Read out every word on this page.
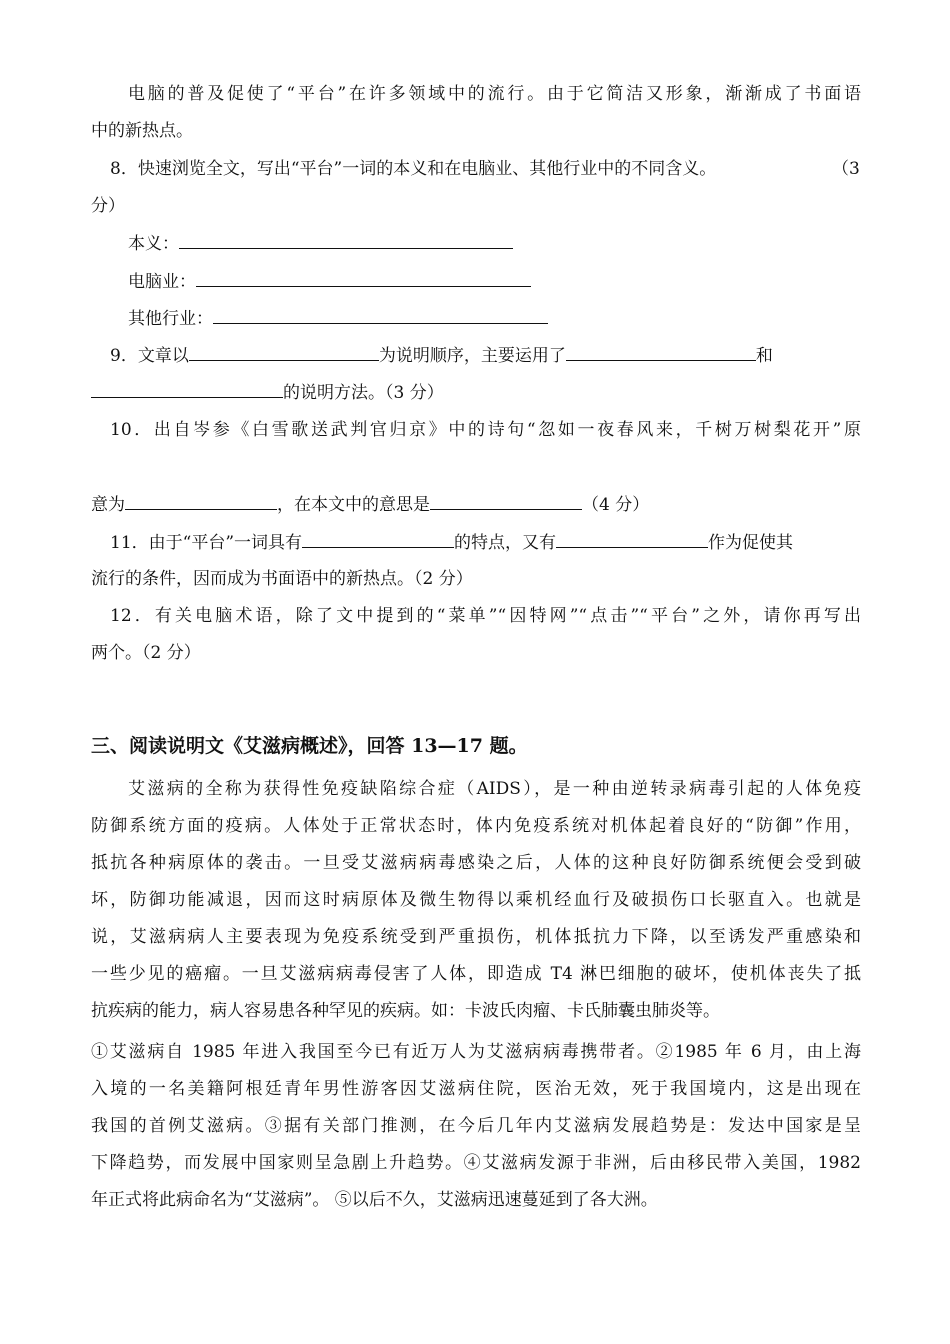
电脑的普及促使了“平台”在许多领域中的流行。由于它简洁又形象，渐渐成了书面语
中的新热点。
8．快速浏览全文，写出“平台”一词的本义和在电脑业、其他行业中的不同含义。	（3
分）
本义：
电脑业：
其他行业：
9．文章以	为说明顺序，主要运用了	和
的说明方法。（3 分）
10．出自岑参《白雪歌送武判官归京》中的诗句“忽如一夜春风来，千树万树梨花开”原
意为	，在本文中的意思是	（4 分）
11．由于“平台”一词具有	的特点，又有	作为促使其
流行的条件，因而成为书面语中的新热点。（2 分）
12．有关电脑术语，除了文中提到的“菜单”“因特网”“点击”“平台”之外，请你再写出
两个。（2 分）
三、阅读说明文《艾滋病概述》，回答 13—17 题。
艾滋病的全称为获得性免疫缺陷综合症（AIDS），是一种由逆转录病毒引起的人体免疫
防御系统方面的疫病。人体处于正常状态时，体内免疫系统对机体起着良好的“防御”作用，
抵抗各种病原体的袭击。一旦受艾滋病病毒感染之后，人体的这种良好防御系统便会受到破
坏，防御功能减退，因而这时病原体及微生物得以乘机经血行及破损伤口长驱直入。也就是
说，艾滋病病人主要表现为免疫系统受到严重损伤，机体抵抗力下降，以至诱发严重感染和
一些少见的癌瘤。一旦艾滋病病毒侵害了人体，即造成 T4 淋巴细胞的破坏，使机体丧失了抵
抗疾病的能力，病人容易患各种罕见的疾病。如：卡波氏肉瘤、卡氏肺囊虫肺炎等。
①艾滋病自 1985 年进入我国至今已有近万人为艾滋病病毒携带者。②1985 年 6 月，由上海
入境的一名美籍阿根廷青年男性游客因艾滋病住院，医治无效，死于我国境内，这是出现在
我国的首例艾滋病。③据有关部门推测，在今后几年内艾滋病发展趋势是：发达中国家是呈
下降趋势，而发展中国家则呈急剧上升趋势。④艾滋病发源于非洲，后由移民带入美国，1982
年正式将此病命名为“艾滋病”。 ⑤以后不久，艾滋病迅速蔓延到了各大洲。
